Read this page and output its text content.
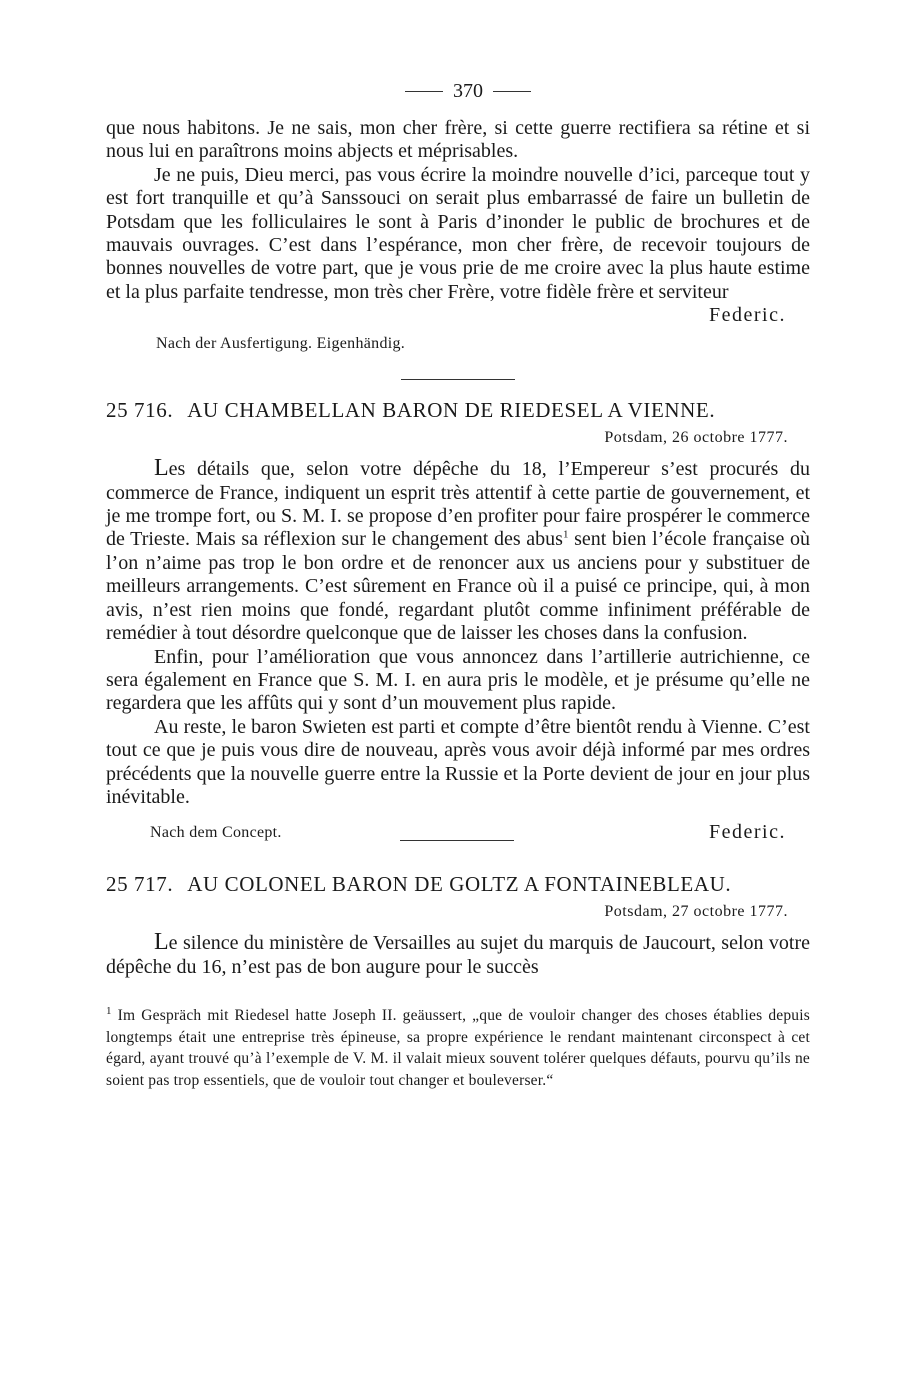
370

que nous habitons. Je ne sais, mon cher frère, si cette guerre rectifiera sa rétine et si nous lui en paraîtrons moins abjects et méprisables.

Je ne puis, Dieu merci, pas vous écrire la moindre nouvelle d’ici, parceque tout y est fort tranquille et qu’à Sanssouci on serait plus embarrassé de faire un bulletin de Potsdam que les folliculaires le sont à Paris d’inonder le public de brochures et de mauvais ouvrages. C’est dans l’espérance, mon cher frère, de recevoir toujours de bonnes nouvelles de votre part, que je vous prie de me croire avec la plus haute estime et la plus parfaite tendresse, mon très cher Frère, votre fidèle frère et serviteur

Federic.
Nach der Ausfertigung. Eigenhändig.
25 716. AU CHAMBELLAN BARON DE RIEDESEL A VIENNE.
Potsdam, 26 octobre 1777.

Les détails que, selon votre dépêche du 18, l’Empereur s’est procurés du commerce de France, indiquent un esprit très attentif à cette partie de gouvernement, et je me trompe fort, ou S. M. I. se propose d’en profiter pour faire prospérer le commerce de Trieste. Mais sa réflexion sur le changement des abus$^1$ sent bien l’école française où l’on n’aime pas trop le bon ordre et de renoncer aux us anciens pour y substituer de meilleurs arrangements. C’est sûrement en France où il a puisé ce principe, qui, à mon avis, n’est rien moins que fondé, regardant plutôt comme infiniment préférable de remédier à tout désordre quelconque que de laisser les choses dans la confusion.

Enfin, pour l’amélioration que vous annoncez dans l’artillerie autrichienne, ce sera également en France que S. M. I. en aura pris le modèle, et je présume qu’elle ne regardera que les affûts qui y sont d’un mouvement plus rapide.

Au reste, le baron Swieten est parti et compte d’être bientôt rendu à Vienne. C’est tout ce que je puis vous dire de nouveau, après vous avoir déjà informé par mes ordres précédents que la nouvelle guerre entre la Russie et la Porte devient de jour en jour plus inévitable.

Nach dem Concept.	Federic.
25 717. AU COLONEL BARON DE GOLTZ A FONTAINEBLEAU.
Potsdam, 27 octobre 1777.

Le silence du ministère de Versailles au sujet du marquis de Jaucourt, selon votre dépêche du 16, n’est pas de bon augure pour le succès

$^1$ Im Gespräch mit Riedesel hatte Joseph II. geäussert, „que de vouloir changer des choses établies depuis longtemps était une entreprise très épineuse, sa propre expérience le rendant maintenant circonspect à cet égard, ayant trouvé qu’à l’exemple de V. M. il valait mieux souvent tolérer quelques défauts, pourvu qu’ils ne soient pas trop essentiels, que de vouloir tout changer et bouleverser.“
